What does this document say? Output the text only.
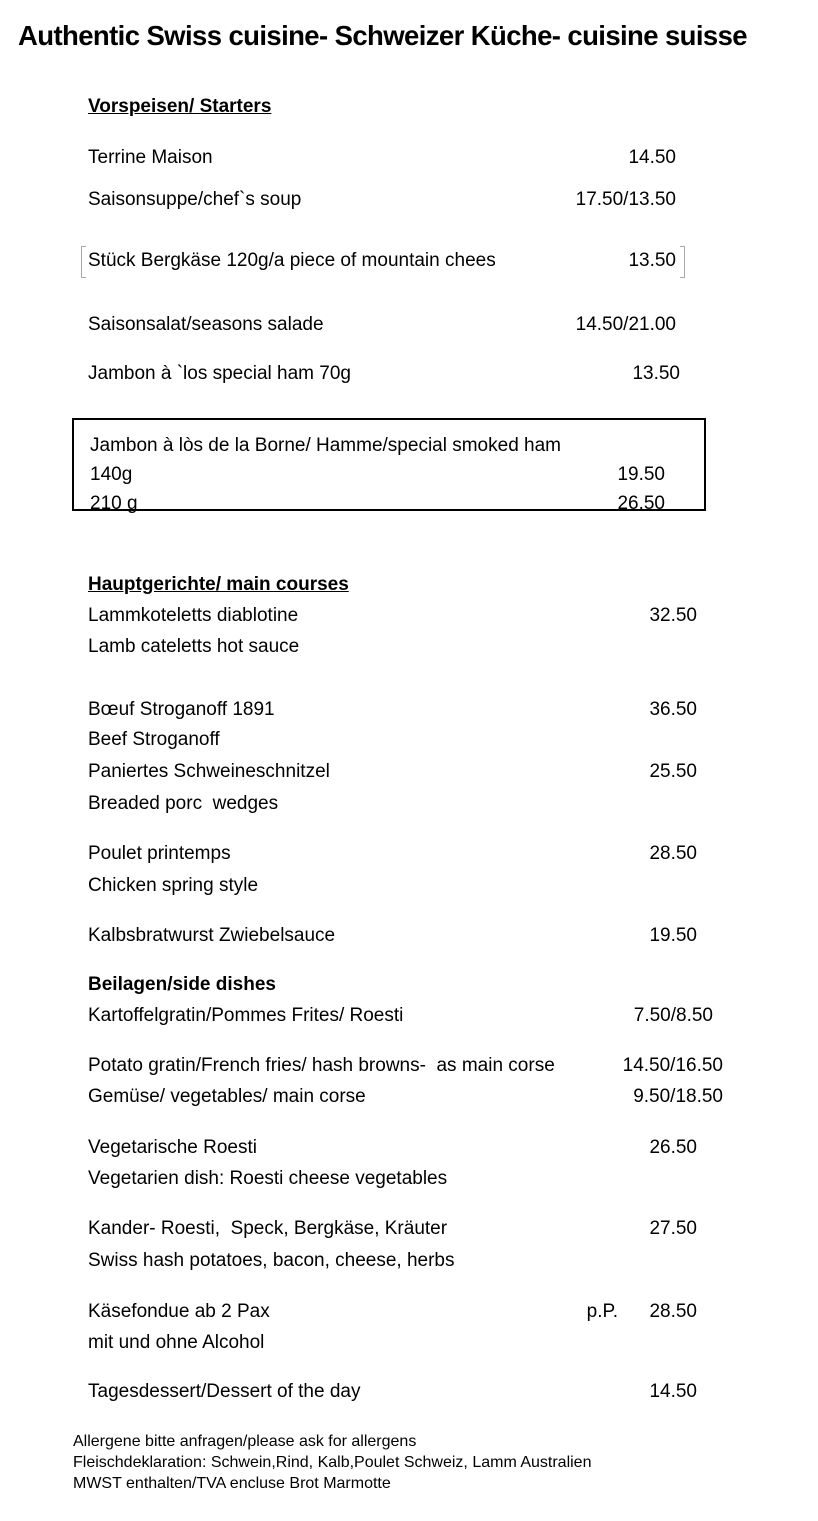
Authentic Swiss cuisine- Schweizer Küche- cuisine suisse
Vorspeisen/ Starters
Terrine Maison	14.50
Saisonsuppe/chef`s soup	17.50/13.50
Stück Bergkäse 120g/a piece of mountain chees	13.50
Saisonsalat/seasons salade	14.50/21.00
Jambon à `los special ham 70g	13.50
Jambon à lòs de la Borne/ Hamme/special smoked ham
140g	19.50
210 g	26.50
Hauptgerichte/ main courses
Lammkoteletts diablotine	32.50
Lamb cateletts hot sauce
Bœuf Stroganoff 1891	36.50
Beef Stroganoff
Paniertes Schweineschnitzel	25.50
Breaded porc  wedges
Poulet printemps	28.50
Chicken spring style
Kalbsbratwurst Zwiebelsauce	19.50
Beilagen/side dishes
Kartoffelgratin/Pommes Frites/ Roesti	7.50/8.50
Potato gratin/French fries/ hash browns-  as main corse	14.50/16.50
Gemüse/ vegetables/ main corse	9.50/18.50
Vegetarische Roesti	26.50
Vegetarien dish: Roesti cheese vegetables
Kander- Roesti,  Speck, Bergkäse, Kräuter	27.50
Swiss hash potatoes, bacon, cheese, herbs
Käsefondue ab 2 Pax	p.P. 28.50
mit und ohne Alcohol
Tagesdessert/Dessert of the day	14.50
Allergene bitte anfragen/please ask for allergens
Fleischdeklaration: Schwein,Rind, Kalb,Poulet Schweiz, Lamm Australien
MWST enthalten/TVA encluse Brot Marmotte
